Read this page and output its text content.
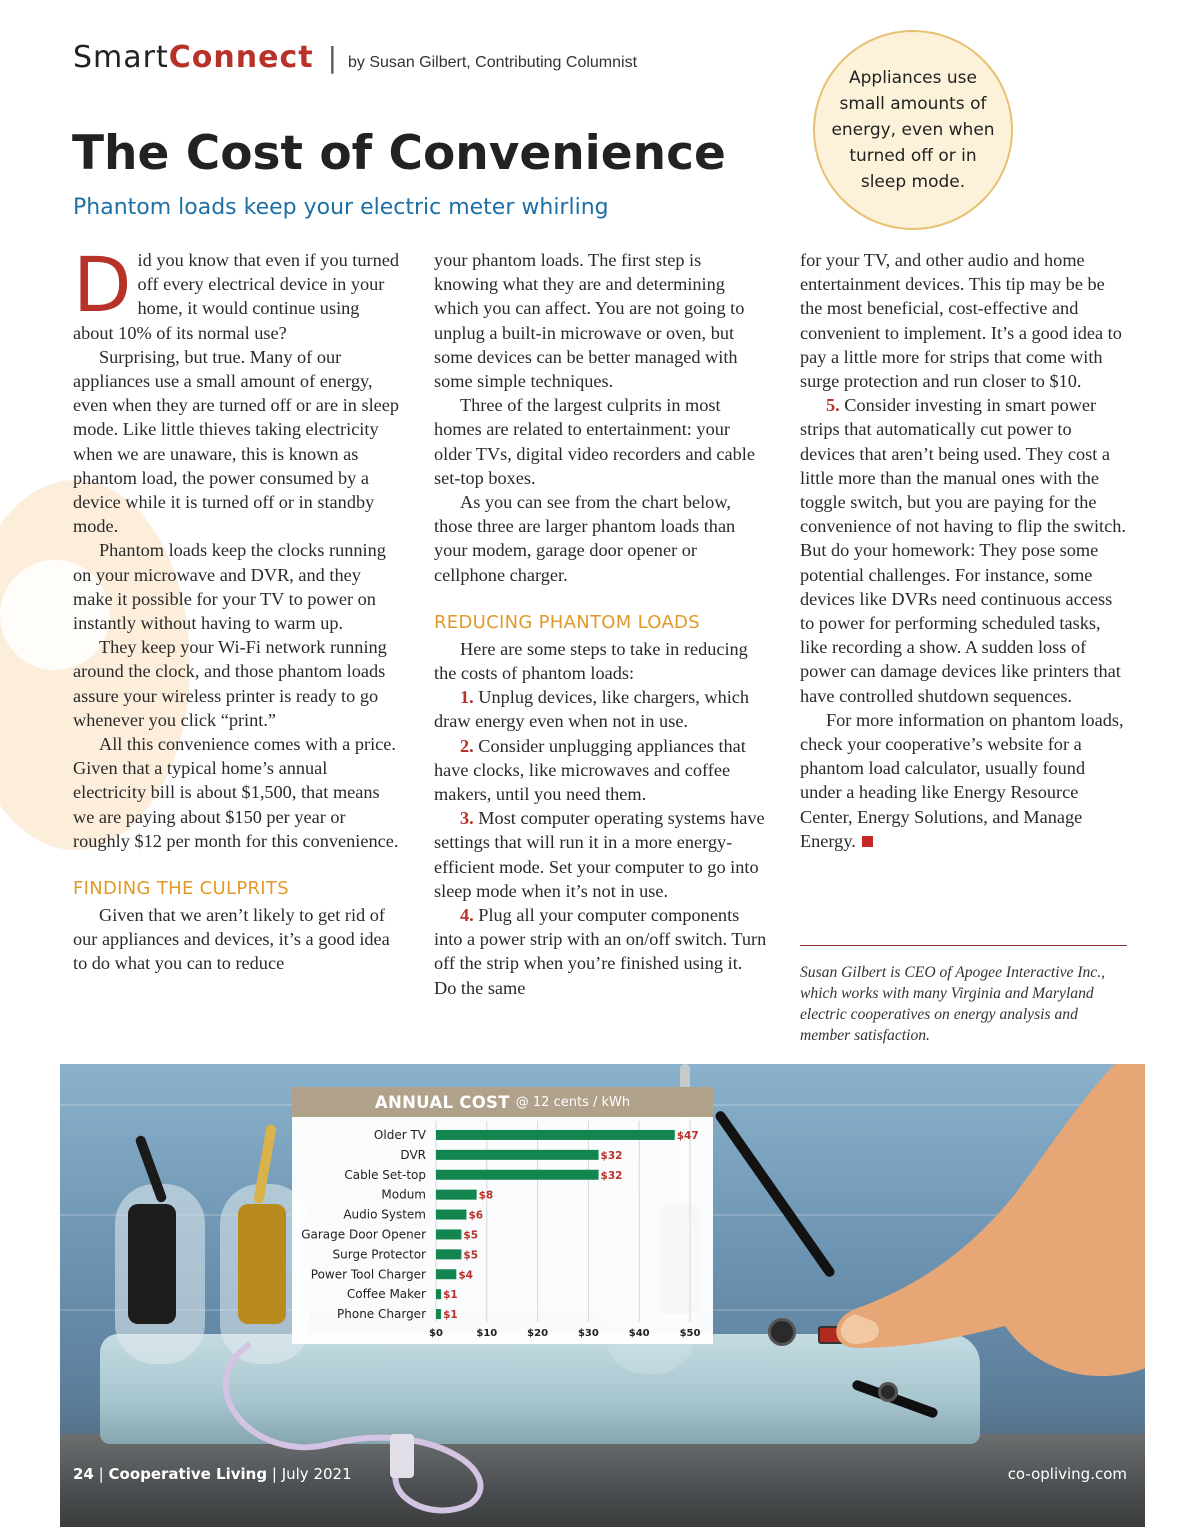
SmartConnect | by Susan Gilbert, Contributing Columnist
The Cost of Convenience
Phantom loads keep your electric meter whirling
Appliances use small amounts of energy, even when turned off or in sleep mode.

Did you know that even if you turned off every electrical device in your home, it would continue using about 10% of its normal use?

Surprising, but true. Many of our appliances use a small amount of energy, even when they are turned off or are in sleep mode. Like little thieves taking electricity when we are unaware, this is known as phantom load, the power consumed by a device while it is turned off or in standby mode.

Phantom loads keep the clocks running on your microwave and DVR, and they make it possible for your TV to power on instantly without having to warm up.

They keep your Wi-Fi network running around the clock, and those phantom loads assure your wireless printer is ready to go whenever you click “print.”

All this convenience comes with a price. Given that a typical home’s annual electricity bill is about $1,500, that means we are paying about $150 per year or roughly $12 per month for this convenience.

FINDING THE CULPRITS

Given that we aren’t likely to get rid of our appliances and devices, it’s a good idea to do what you can to reduce

your phantom loads. The first step is knowing what they are and determining which you can affect. You are not going to unplug a built-in microwave or oven, but some devices can be better managed with some simple techniques.

Three of the largest culprits in most homes are related to entertainment: your older TVs, digital video recorders and cable set-top boxes.

As you can see from the chart below, those three are larger phantom loads than your modem, garage door opener or cellphone charger.

REDUCING PHANTOM LOADS

Here are some steps to take in reducing the costs of phantom loads:

1. Unplug devices, like chargers, which draw energy even when not in use.

2. Consider unplugging appliances that have clocks, like microwaves and coffee makers, until you need them.

3. Most computer operating systems have settings that will run it in a more energy-efficient mode. Set your computer to go into sleep mode when it’s not in use.

4. Plug all your computer components into a power strip with an on/off switch. Turn off the strip when you’re finished using it. Do the same

for your TV, and other audio and home entertainment devices. This tip may be be the most beneficial, cost-effective and convenient to implement. It’s a good idea to pay a little more for strips that come with surge protection and run closer to $10.

5. Consider investing in smart power strips that automatically cut power to devices that aren’t being used. They cost a little more than the manual ones with the toggle switch, but you are paying for the convenience of not having to flip the switch. But do your homework: They pose some potential challenges. For instance, some devices like DVRs need continuous access to power for performing scheduled tasks, like recording a show. A sudden loss of power can damage devices like printers that have controlled shutdown sequences.

For more information on phantom loads, check your cooperative’s website for a phantom load calculator, usually found under a heading like Energy Resource Center, Energy Solutions, and Manage Energy.

Susan Gilbert is CEO of Apogee Interactive Inc., which works with many Virginia and Maryland electric cooperatives on energy analysis and member satisfaction.
ANNUAL COST @ 12 cents / kWh
$0	$10	$20	$30	$40	$50
Older TV	$47
DVR	$32
Cable Set-top	$32
Modum	$8
Audio System	$6
Garage Door Opener	$5
Surge Protector	$5
Power Tool Charger	$4
Coffee Maker $1
Phone Charger $1
24 | Cooperative Living | July 2021	co-opliving.com
